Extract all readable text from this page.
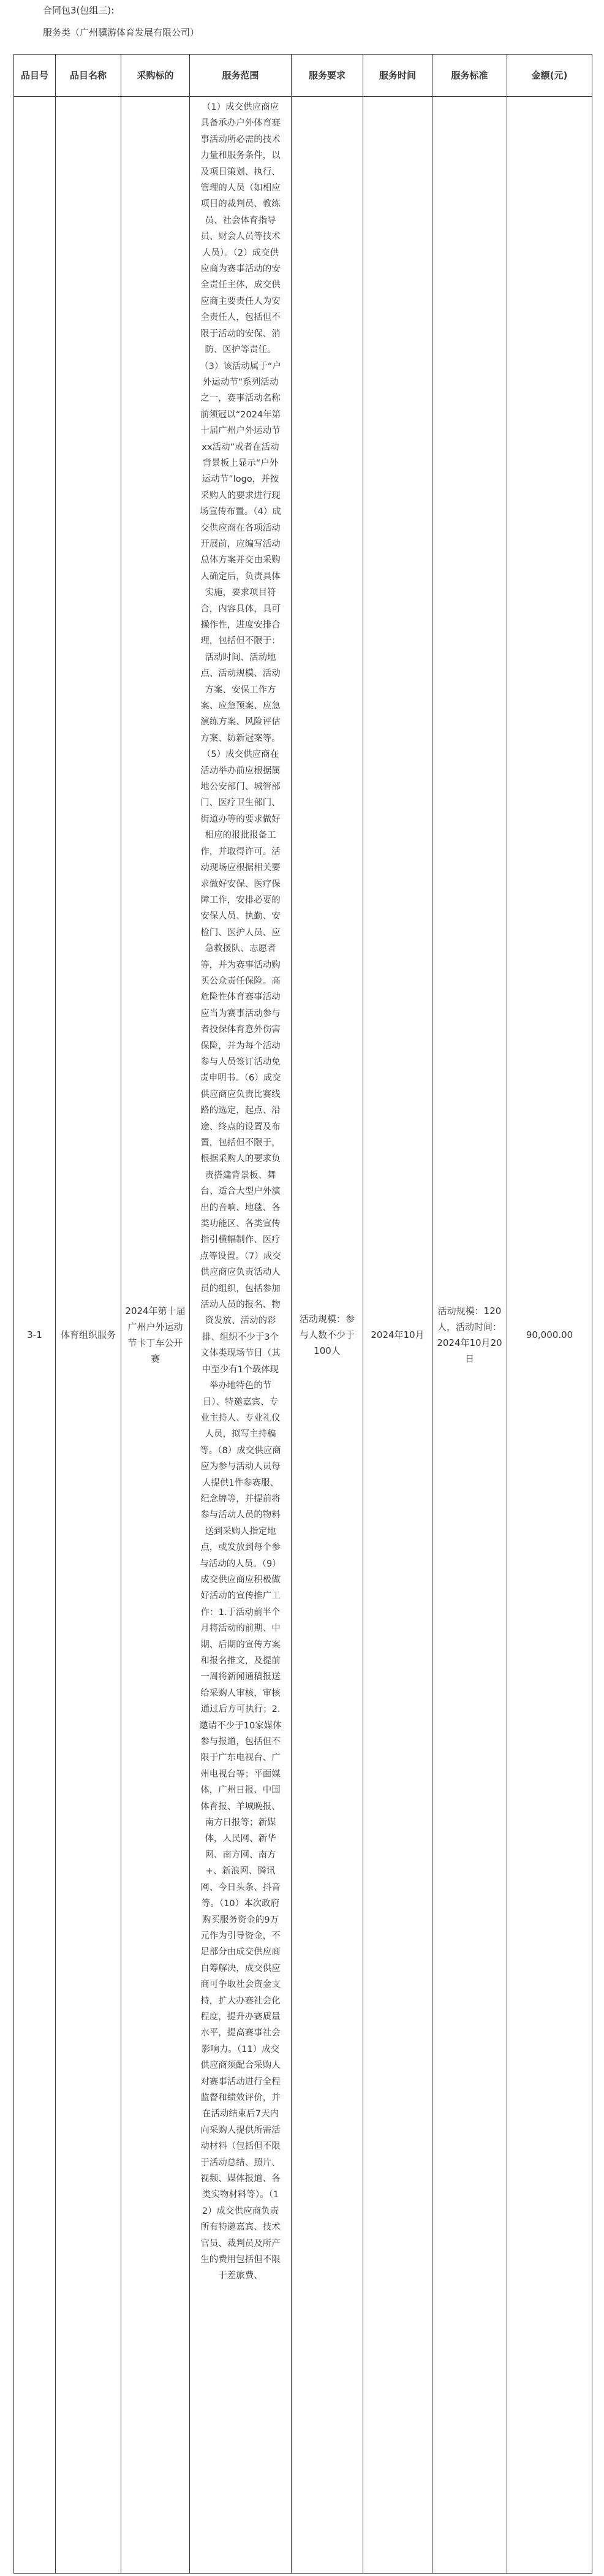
合同包3(包组三):
服务类（广州骥游体育发展有限公司）
品目号	品目名称	采购标的	服务范围	服务要求	服务时间	服务标准	金额(元)
3-1	体育组织服务	2024年第十届广州户外运动节卡丁车公开赛	（1）成交供应商应具备承办户外体育赛事活动所必需的技术力量和服务条件，以及项目策划、执行、管理的人员（如相应项目的裁判员、教练员、社会体育指导员、财会人员等技术人员）。（2）成交供应商为赛事活动的安全责任主体，成交供应商主要责任人为安全责任人，包括但不限于活动的安保、消防、医护等责任。（3）该活动属于“户外运动节”系列活动之一，赛事活动名称前须冠以“2024年第十届广州户外运动节xx活动”或者在活动背景板上显示“户外运动节”logo，并按采购人的要求进行现场宣传布置。（4）成交供应商在各项活动开展前，应编写活动总体方案并交由采购人确定后，负责具体实施，要求项目符合，内容具体，具可操作性，进度安排合理，包括但不限于：活动时间、活动地点、活动规模、活动方案、安保工作方案、应急预案、应急演练方案、风险评估方案、防新冠案等。（5）成交供应商在活动举办前应根据属地公安部门、城管部门、医疗卫生部门、街道办等的要求做好相应的报批报备工作，并取得许可。活动现场应根据相关要求做好安保、医疗保障工作，安排必要的安保人员、执勤、安检门、医护人员、应急救援队、志愿者等，并为赛事活动购买公众责任保险。高危险性体育赛事活动应当为赛事活动参与者投保体育意外伤害保险，并为每个活动参与人员签订活动免责申明书。（6）成交供应商应负责比赛线路的选定，起点、沿途、终点的设置及布置，包括但不限于，根据采购人的要求负责搭建背景板、舞台、适合大型户外演出的音响、地毯、各类功能区、各类宣传指引横幅制作、医疗点等设置。（7）成交供应商应负责活动人员的组织，包括参加活动人员的报名、物资发放、活动的彩排、组织不少于3个文体类现场节目（其中至少有1个载体现举办地特色的节目）、特邀嘉宾、专业主持人、专业礼仪人员，拟写主持稿等。（8）成交供应商应为参与活动人员每人提供1件参赛服、纪念牌等，并提前将参与活动人员的物料送到采购人指定地点，或发放到每个参与活动的人员。（9）成交供应商应积极做好活动的宣传推广工作：1.于活动前半个月将活动的前期、中期、后期的宣传方案和报名推文，及提前一周将新闻通稿报送给采购人审核，审核通过后方可执行；2.邀请不少于10家媒体参与报道，包括但不限于广东电视台、广州电视台等；平面媒体，广州日报、中国体育报、羊城晚报、南方日报等；新媒体，人民网、新华网、南方网、南方+、新浪网、腾讯网、今日头条、抖音等。（10）本次政府购买服务资金的9万元作为引导资金，不足部分由成交供应商自筹解决，成交供应商可争取社会资金支持，扩大办赛社会化程度，提升办赛质量水平，提高赛事社会影响力。（11）成交供应商须配合采购人对赛事活动进行全程监督和绩效评价，并在活动结束后7天内向采购人提供所需活动材料（包括但不限于活动总结、照片、视频、媒体报道、各类实物材料等）。（12）成交供应商负责所有特邀嘉宾、技术官员、裁判员及所产生的费用包括但不限于差旅费、	活动规模：参与人数不少于100人	2024年10月	活动规模：120人，活动时间：2024年10月20日	90,000.00
